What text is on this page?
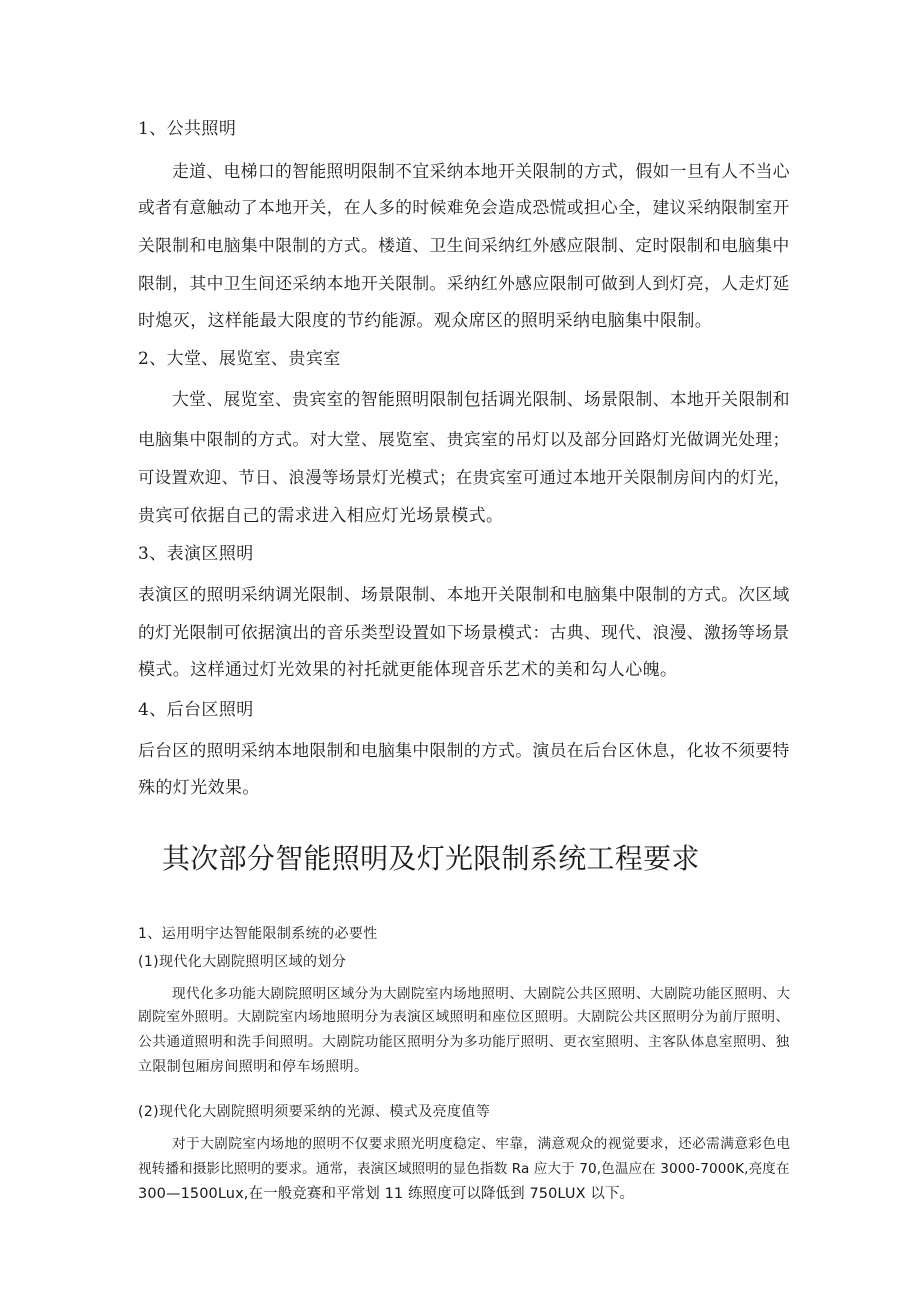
1、公共照明
走道、电梯口的智能照明限制不宜采纳本地开关限制的方式，假如一旦有人不当心
或者有意触动了本地开关，在人多的时候难免会造成恐慌或担心全，建议采纳限制室开
关限制和电脑集中限制的方式。楼道、卫生间采纳红外感应限制、定时限制和电脑集中
限制，其中卫生间还采纳本地开关限制。采纳红外感应限制可做到人到灯亮，人走灯延
时熄灭，这样能最大限度的节约能源。观众席区的照明采纳电脑集中限制。
2、大堂、展览室、贵宾室
大堂、展览室、贵宾室的智能照明限制包括调光限制、场景限制、本地开关限制和
电脑集中限制的方式。对大堂、展览室、贵宾室的吊灯以及部分回路灯光做调光处理；
可设置欢迎、节日、浪漫等场景灯光模式；在贵宾室可通过本地开关限制房间内的灯光，
贵宾可依据自己的需求进入相应灯光场景模式。
3、表演区照明
表演区的照明采纳调光限制、场景限制、本地开关限制和电脑集中限制的方式。次区域
的灯光限制可依据演出的音乐类型设置如下场景模式：古典、现代、浪漫、激扬等场景
模式。这样通过灯光效果的衬托就更能体现音乐艺术的美和勾人心魄。
4、后台区照明
后台区的照明采纳本地限制和电脑集中限制的方式。演员在后台区休息，化妆不须要特
殊的灯光效果。
其次部分智能照明及灯光限制系统工程要求
1、运用明宇达智能限制系统的必要性
(1)现代化大剧院照明区域的划分
现代化多功能大剧院照明区域分为大剧院室内场地照明、大剧院公共区照明、大剧院功能区照明、大
剧院室外照明。大剧院室内场地照明分为表演区域照明和座位区照明。大剧院公共区照明分为前厅照明、
公共通道照明和洗手间照明。大剧院功能区照明分为多功能厅照明、更衣室照明、主客队体息室照明、独
立限制包厢房间照明和停车场照明。
(2)现代化大剧院照明须要采纳的光源、模式及亮度值等
对于大剧院室内场地的照明不仅要求照光明度稳定、牢靠，满意观众的视觉要求，还必需满意彩色电
视转播和摄影比照明的要求。通常，表演区域照明的显色指数 Ra 应大于 70,色温应在 3000-7000K,亮度在
300—1500Lux,在一般竞赛和平常划 11 练照度可以降低到 750LUX 以下。
